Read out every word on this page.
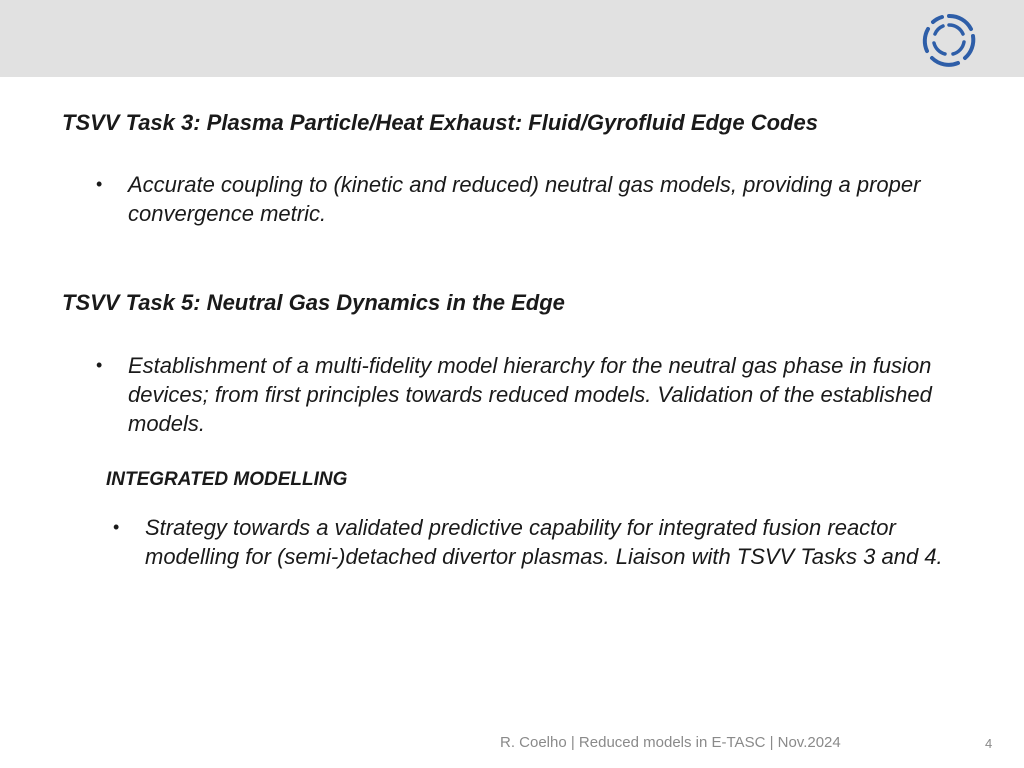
TSVV Task 3: Plasma Particle/Heat Exhaust: Fluid/Gyrofluid Edge Codes
• Accurate coupling to (kinetic and reduced) neutral gas models, providing a proper convergence metric.
TSVV Task 5: Neutral Gas Dynamics in the Edge
• Establishment of a multi-fidelity model hierarchy for the neutral gas phase in fusion devices; from first principles towards reduced models. Validation of the established models.
INTEGRATED MODELLING
• Strategy towards a validated predictive capability for integrated fusion reactor modelling for (semi-)detached divertor plasmas. Liaison with TSVV Tasks 3 and 4.
R. Coelho | Reduced models in E-TASC | Nov.2024	4
